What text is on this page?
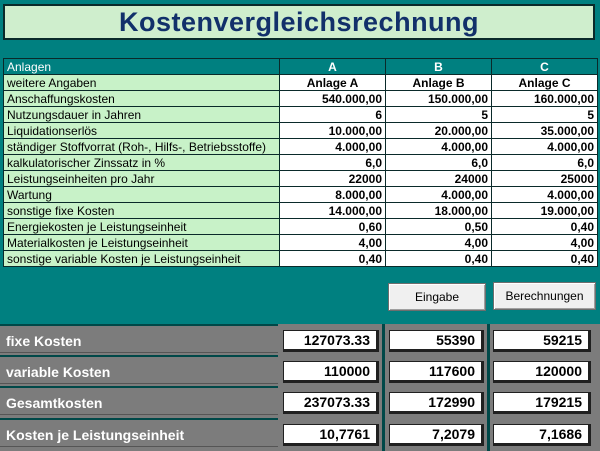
Kostenvergleichsrechnung
Anlagen	A	B	C
weitere Angaben	Anlage A	Anlage B	Anlage C
Anschaffungskosten	540.000,00	150.000,00	160.000,00
Nutzungsdauer in Jahren	6	5	5
Liquidationserlös	10.000,00	20.000,00	35.000,00
ständiger Stoffvorrat (Roh-, Hilfs-, Betriebsstoffe)	4.000,00	4.000,00	4.000,00
kalkulatorischer Zinssatz in %	6,0	6,0	6,0
Leistungseinheiten pro Jahr	22000	24000	25000
Wartung	8.000,00	4.000,00	4.000,00
sonstige fixe Kosten	14.000,00	18.000,00	19.000,00
Energiekosten je Leistungseinheit	0,60	0,50	0,40
Materialkosten je Leistungseinheit	4,00	4,00	4,00
sonstige variable Kosten je Leistungseinheit	0,40	0,40	0,40
Eingabe	Berechnungen
fixe Kosten	127073.33	55390	59215
variable Kosten	110000	117600	120000
Gesamtkosten	237073.33	172990	179215
Kosten je Leistungseinheit	10,7761	7,2079	7,1686
